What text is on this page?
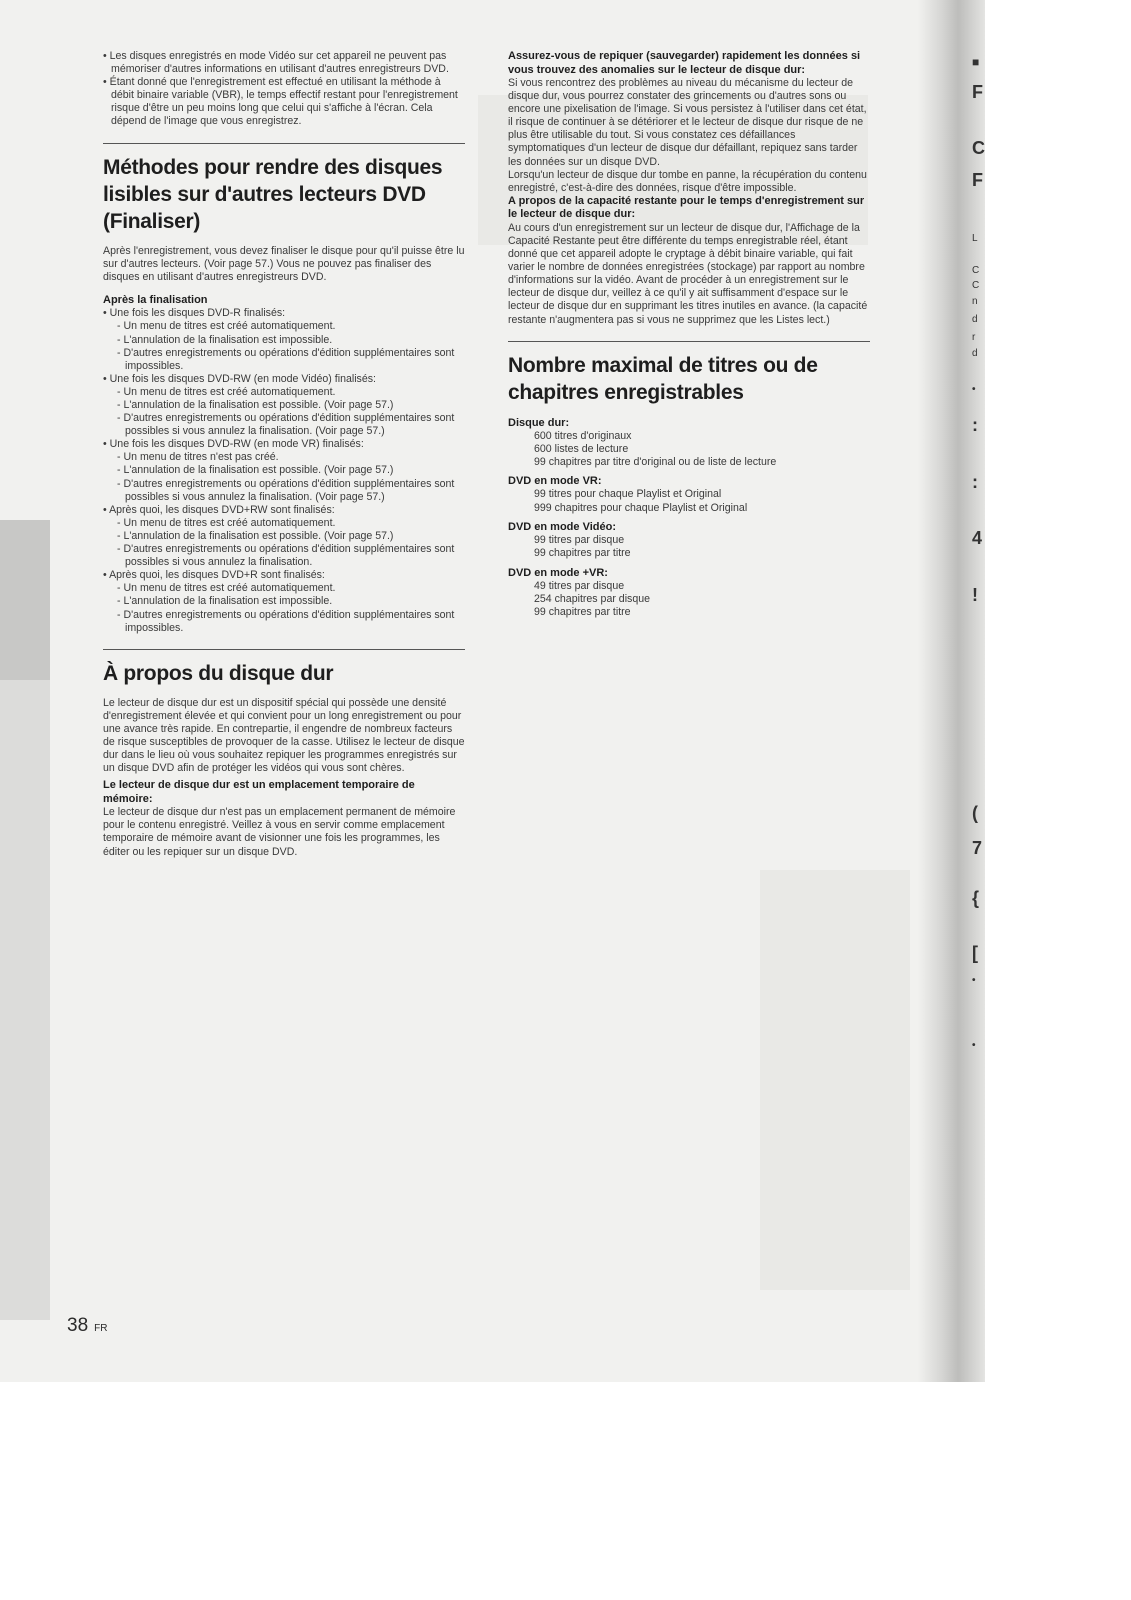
• Les disques enregistrés en mode Vidéo sur cet appareil ne peuvent pas mémoriser d'autres informations en utilisant d'autres enregistreurs DVD.
• Étant donné que l'enregistrement est effectué en utilisant la méthode à débit binaire variable (VBR), le temps effectif restant pour l'enregistrement risque d'être un peu moins long que celui qui s'affiche à l'écran. Cela dépend de l'image que vous enregistrez.
Méthodes pour rendre des disques lisibles sur d'autres lecteurs DVD (Finaliser)
Après l'enregistrement, vous devez finaliser le disque pour qu'il puisse être lu sur d'autres lecteurs. (Voir page 57.) Vous ne pouvez pas finaliser des disques en utilisant d'autres enregistreurs DVD.
Après la finalisation
• Une fois les disques DVD-R finalisés:
- Un menu de titres est créé automatiquement.
- L'annulation de la finalisation est impossible.
- D'autres enregistrements ou opérations d'édition supplémentaires sont impossibles.
• Une fois les disques DVD-RW (en mode Vidéo) finalisés:
- Un menu de titres est créé automatiquement.
- L'annulation de la finalisation est possible. (Voir page 57.)
- D'autres enregistrements ou opérations d'édition supplémentaires sont possibles si vous annulez la finalisation. (Voir page 57.)
• Une fois les disques DVD-RW (en mode VR) finalisés:
- Un menu de titres n'est pas créé.
- L'annulation de la finalisation est possible. (Voir page 57.)
- D'autres enregistrements ou opérations d'édition supplémentaires sont possibles si vous annulez la finalisation. (Voir page 57.)
• Après quoi, les disques DVD+RW sont finalisés:
- Un menu de titres est créé automatiquement.
- L'annulation de la finalisation est possible. (Voir page 57.)
- D'autres enregistrements ou opérations d'édition supplémentaires sont possibles si vous annulez la finalisation.
• Après quoi, les disques DVD+R sont finalisés:
- Un menu de titres est créé automatiquement.
- L'annulation de la finalisation est impossible.
- D'autres enregistrements ou opérations d'édition supplémentaires sont impossibles.
À propos du disque dur
Le lecteur de disque dur est un dispositif spécial qui possède une densité d'enregistrement élevée et qui convient pour un long enregistrement ou pour une avance très rapide. En contrepartie, il engendre de nombreux facteurs de risque susceptibles de provoquer de la casse. Utilisez le lecteur de disque dur dans le lieu où vous souhaitez repiquer les programmes enregistrés sur un disque DVD afin de protéger les vidéos qui vous sont chères.
Le lecteur de disque dur est un emplacement temporaire de mémoire:
Le lecteur de disque dur n'est pas un emplacement permanent de mémoire pour le contenu enregistré. Veillez à vous en servir comme emplacement temporaire de mémoire avant de visionner une fois les programmes, les éditer ou les repiquer sur un disque DVD.
Assurez-vous de repiquer (sauvegarder) rapidement les données si vous trouvez des anomalies sur le lecteur de disque dur:
Si vous rencontrez des problèmes au niveau du mécanisme du lecteur de disque dur, vous pourrez constater des grincements ou d'autres sons ou encore une pixelisation de l'image. Si vous persistez à l'utiliser dans cet état, il risque de continuer à se détériorer et le lecteur de disque dur risque de ne plus être utilisable du tout. Si vous constatez ces défaillances symptomatiques d'un lecteur de disque dur défaillant, repiquez sans tarder les données sur un disque DVD.
Lorsqu'un lecteur de disque dur tombe en panne, la récupération du contenu enregistré, c'est-à-dire des données, risque d'être impossible.
A propos de la capacité restante pour le temps d'enregistrement sur le lecteur de disque dur:
Au cours d'un enregistrement sur un lecteur de disque dur, l'Affichage de la Capacité Restante peut être différente du temps enregistrable réel, étant donné que cet appareil adopte le cryptage à débit binaire variable, qui fait varier le nombre de données enregistrées (stockage) par rapport au nombre d'informations sur la vidéo. Avant de procéder à un enregistrement sur le lecteur de disque dur, veillez à ce qu'il y ait suffisamment d'espace sur le lecteur de disque dur en supprimant les titres inutiles en avance. (la capacité restante n'augmentera pas si vous ne supprimez que les Listes lect.)
Nombre maximal de titres ou de chapitres enregistrables
Disque dur:
600 titres d'originaux
600 listes de lecture
99 chapitres par titre d'original ou de liste de lecture
DVD en mode VR:
99 titres pour chaque Playlist et Original
999 chapitres pour chaque Playlist et Original
DVD en mode Vidéo:
99 titres par disque
99 chapitres par titre
DVD en mode +VR:
49 titres par disque
254 chapitres par disque
99 chapitres par titre
■
F
C
F
L
C
C
n
d
r
d
•
:
:
4
!
(
7
{
[
•
•
38 FR
